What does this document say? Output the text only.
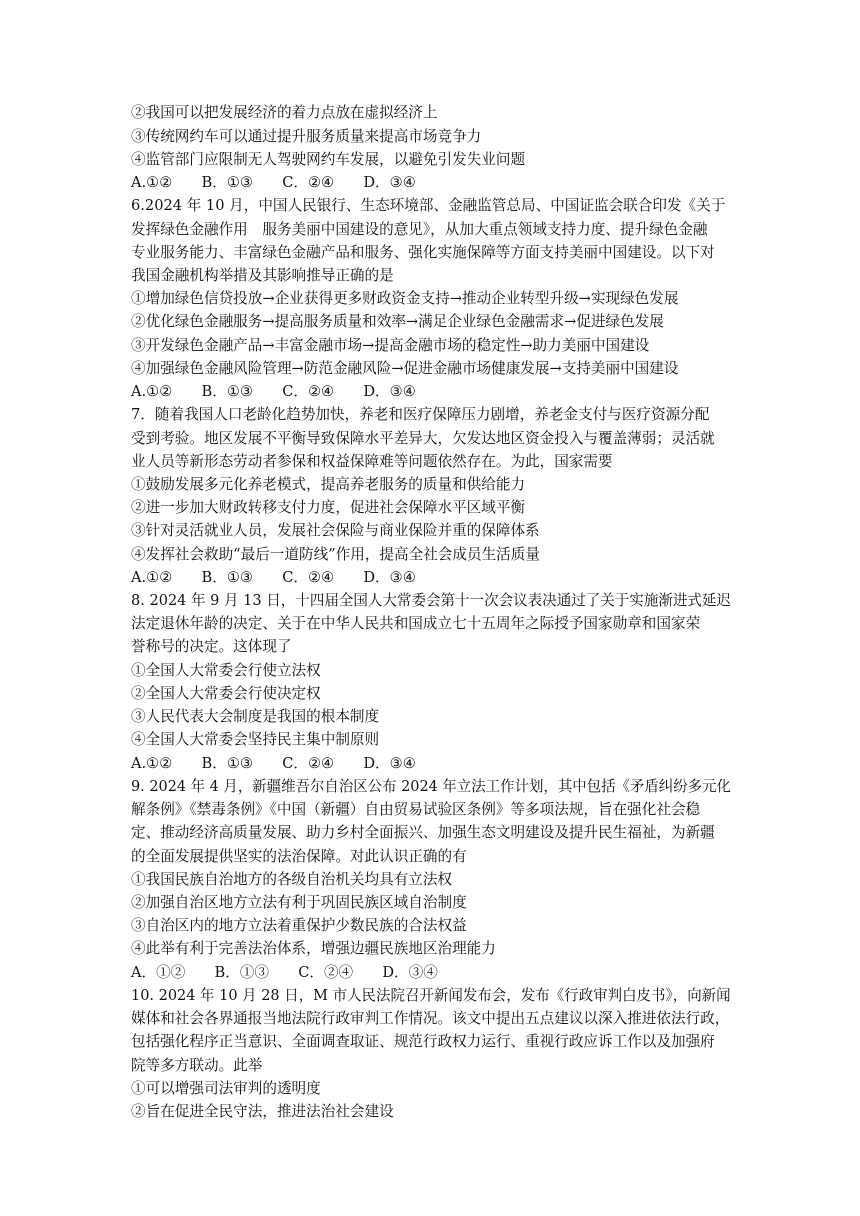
②我国可以把发展经济的着力点放在虚拟经济上
③传统网约车可以通过提升服务质量来提高市场竞争力
④监管部门应限制无人驾驶网约车发展，以避免引发失业问题
A.①②　　B．①③　　C．②④　　D．③④
6.2024 年 10 月，中国人民银行、生态环境部、金融监管总局、中国证监会联合印发《关于
发挥绿色金融作用　服务美丽中国建设的意见》，从加大重点领域支持力度、提升绿色金融
专业服务能力、丰富绿色金融产品和服务、强化实施保障等方面支持美丽中国建设。以下对
我国金融机构举措及其影响推导正确的是
①增加绿色信贷投放→企业获得更多财政资金支持→推动企业转型升级→实现绿色发展
②优化绿色金融服务→提高服务质量和效率→满足企业绿色金融需求→促进绿色发展
③开发绿色金融产品→丰富金融市场→提高金融市场的稳定性→助力美丽中国建设
④加强绿色金融风险管理→防范金融风险→促进金融市场健康发展→支持美丽中国建设
A.①②　　B．①③　　C．②④　　D．③④
7．随着我国人口老龄化趋势加快，养老和医疗保障压力剧增，养老金支付与医疗资源分配
受到考验。地区发展不平衡导致保障水平差异大，欠发达地区资金投入与覆盖薄弱；灵活就
业人员等新形态劳动者参保和权益保障难等问题依然存在。为此，国家需要
①鼓励发展多元化养老模式，提高养老服务的质量和供给能力
②进一步加大财政转移支付力度，促进社会保障水平区域平衡
③针对灵活就业人员，发展社会保险与商业保险并重的保障体系
④发挥社会救助“最后一道防线”作用，提高全社会成员生活质量
A.①②　　B．①③　　C．②④　　D．③④
8. 2024 年 9 月 13 日，十四届全国人大常委会第十一次会议表决通过了关于实施渐进式延迟
法定退休年龄的决定、关于在中华人民共和国成立七十五周年之际授予国家勋章和国家荣
誉称号的决定。这体现了
①全国人大常委会行使立法权
②全国人大常委会行使决定权
③人民代表大会制度是我国的根本制度
④全国人大常委会坚持民主集中制原则
A.①②　　B．①③　　C．②④　　D．③④
9. 2024 年 4 月，新疆维吾尔自治区公布 2024 年立法工作计划，其中包括《矛盾纠纷多元化
解条例》《禁毒条例》《中国（新疆）自由贸易试验区条例》等多项法规，旨在强化社会稳
定、推动经济高质量发展、助力乡村全面振兴、加强生态文明建设及提升民生福祉，为新疆
的全面发展提供坚实的法治保障。对此认识正确的有
①我国民族自治地方的各级自治机关均具有立法权
②加强自治区地方立法有利于巩固民族区域自治制度
③自治区内的地方立法着重保护少数民族的合法权益
④此举有利于完善法治体系，增强边疆民族地区治理能力
A．①②　　B．①③　　C．②④　　D．③④
10. 2024 年 10 月 28 日，M 市人民法院召开新闻发布会，发布《行政审判白皮书》，向新闻
媒体和社会各界通报当地法院行政审判工作情况。该文中提出五点建议以深入推进依法行政，
包括强化程序正当意识、全面调查取证、规范行政权力运行、重视行政应诉工作以及加强府
院等多方联动。此举
①可以增强司法审判的透明度
②旨在促进全民守法，推进法治社会建设
